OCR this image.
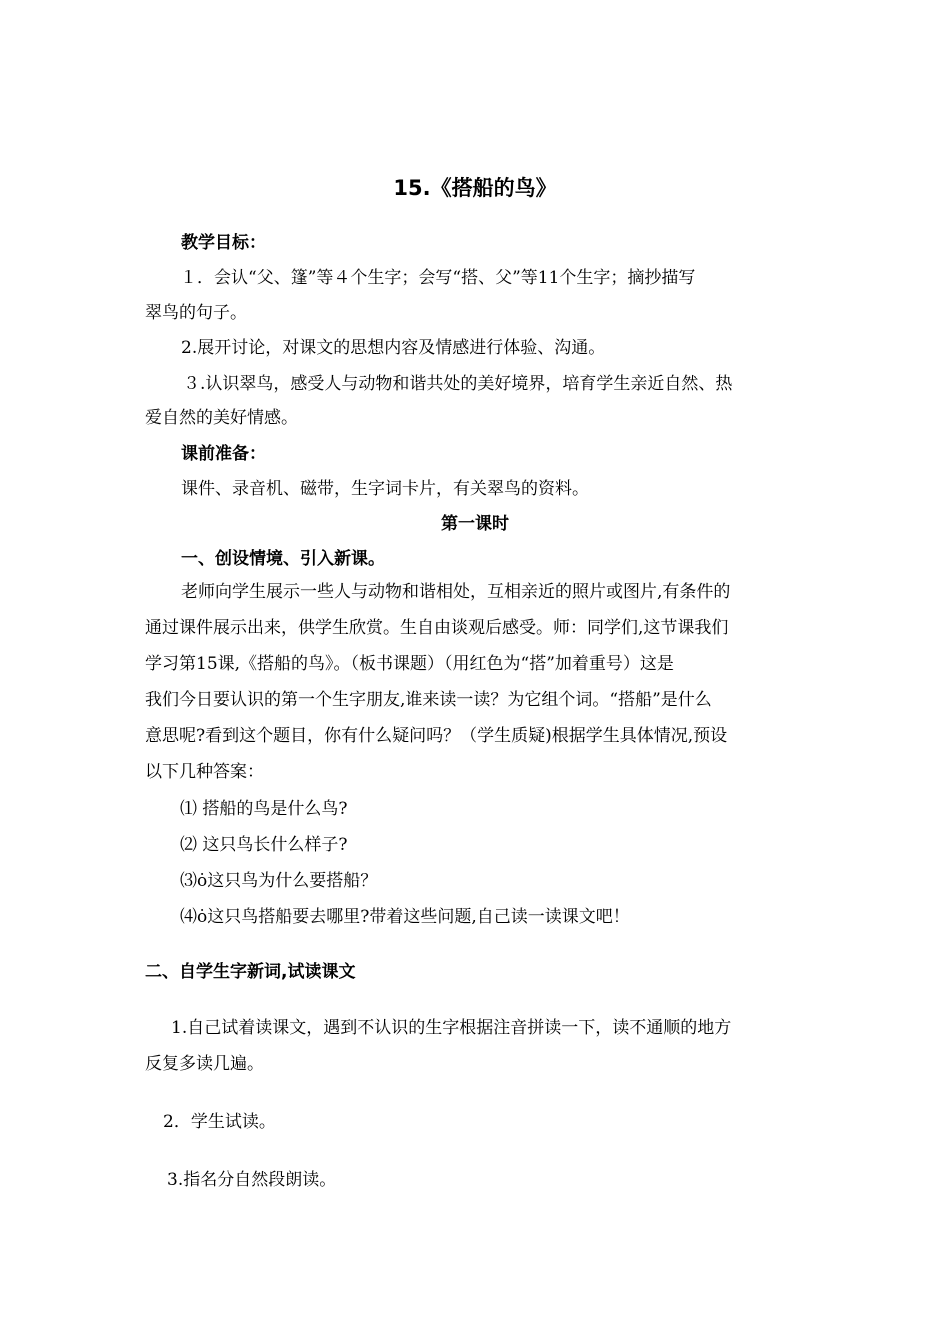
15.《搭船的鸟》
教学目标：
１．会认“父、篷”等４个生字；会写“搭、父”等11个生字；摘抄描写
翠鸟的句子。
2.展开讨论，对课文的思想内容及情感进行体验、沟通。
３.认识翠鸟，感受人与动物和谐共处的美好境界，培育学生亲近自然、热
爱自然的美好情感。
课前准备：
课件、录音机、磁带，生字词卡片，有关翠鸟的资料。
第一课时
一、创设情境、引入新课。
老师向学生展示一些人与动物和谐相处，互相亲近的照片或图片,有条件的
通过课件展示出来，供学生欣赏。生自由谈观后感受。师：同学们,这节课我们
学习第15课,《搭船的鸟》。（板书课题）（用红色为“搭”加着重号）这是
我们今日要认识的第一个生字朋友,谁来读一读？为它组个词。“搭船”是什么
意思呢?看到这个题目，你有什么疑问吗？（学生质疑)根据学生具体情况,预设
以下几种答案：
⑴ 搭船的鸟是什么鸟?
⑵ 这只鸟长什么样子?
⑶ȯ这只鸟为什么要搭船？
⑷ȯ这只鸟搭船要去哪里?带着这些问题,自己读一读课文吧！
二、自学生字新词,试读课文
1.自己试着读课文，遇到不认识的生字根据注音拼读一下，读不通顺的地方
反复多读几遍。
2．学生试读。
3.指名分自然段朗读。
